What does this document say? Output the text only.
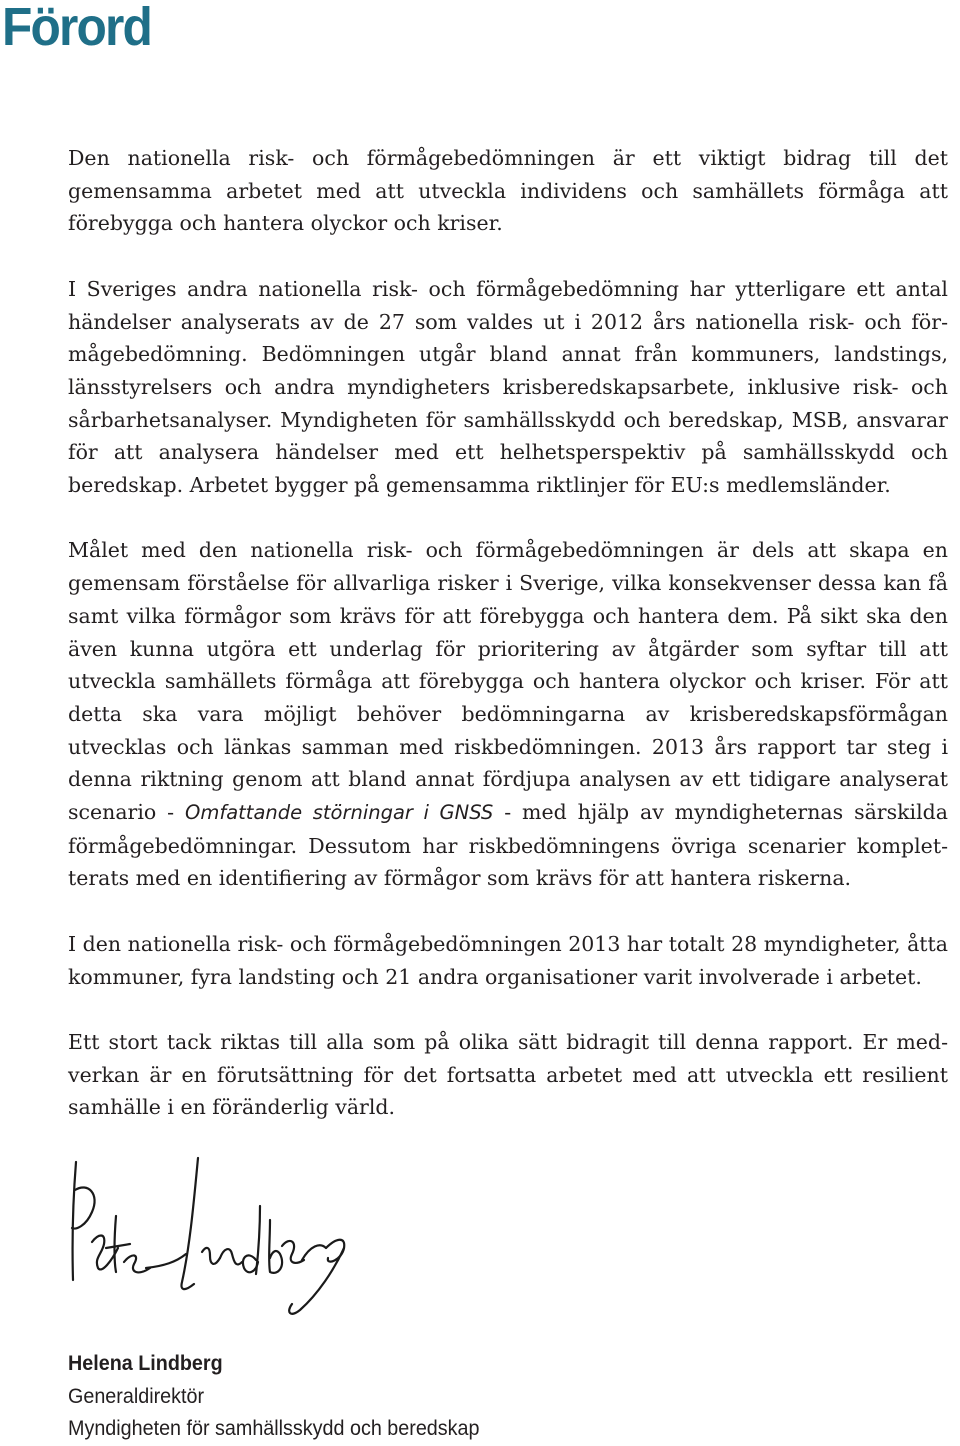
Förord

Den nationella risk- och förmågebedömningen är ett viktigt bidrag till det gemensamma arbetet med att utveckla individens och samhällets förmåga att förebygga och hantera olyckor och kriser.

I Sveriges andra nationella risk- och förmågebedömning har ytterligare ett antal händelser analyserats av de 27 som valdes ut i 2012 års nationella risk- och förmågebedömning. Bedömningen utgår bland annat från kommuners, landstings, länsstyrelsers och andra myndigheters krisberedskapsarbete, inklusive risk- och sårbarhetsanalyser. Myndigheten för samhällsskydd och beredskap, MSB, ansvarar för att analysera händelser med ett helhetsperspektiv på samhällsskydd och beredskap. Arbetet bygger på gemensamma riktlinjer för EU:s medlemsländer.

Målet med den nationella risk- och förmågebedömningen är dels att skapa en gemensam förståelse för allvarliga risker i Sverige, vilka konsekvenser dessa kan få samt vilka förmågor som krävs för att förebygga och hantera dem. På sikt ska den även kunna utgöra ett underlag för prioritering av åtgärder som syftar till att utveckla samhällets förmåga att förebygga och hantera olyckor och kriser. För att detta ska vara möjligt behöver bedömningarna av krisberedskapsförmågan utvecklas och länkas samman med riskbedömningen. 2013 års rapport tar steg i denna riktning genom att bland annat fördjupa analysen av ett tidigare analyserat scenario - Omfattande störningar i GNSS - med hjälp av myndigheternas särskilda förmågebedömningar. Dessutom har riskbedömningens övriga scenarier kompletterats med en identifiering av förmågor som krävs för att hantera riskerna.

I den nationella risk- och förmågebedömningen 2013 har totalt 28 myndigheter, åtta kommuner, fyra landsting och 21 andra organisationer varit involverade i arbetet.

Ett stort tack riktas till alla som på olika sätt bidragit till denna rapport. Er medverkan är en förutsättning för det fortsatta arbetet med att utveckla ett resilient samhälle i en föränderlig värld.

Helena Lindberg
Generaldirektör
Myndigheten för samhällsskydd och beredskap
